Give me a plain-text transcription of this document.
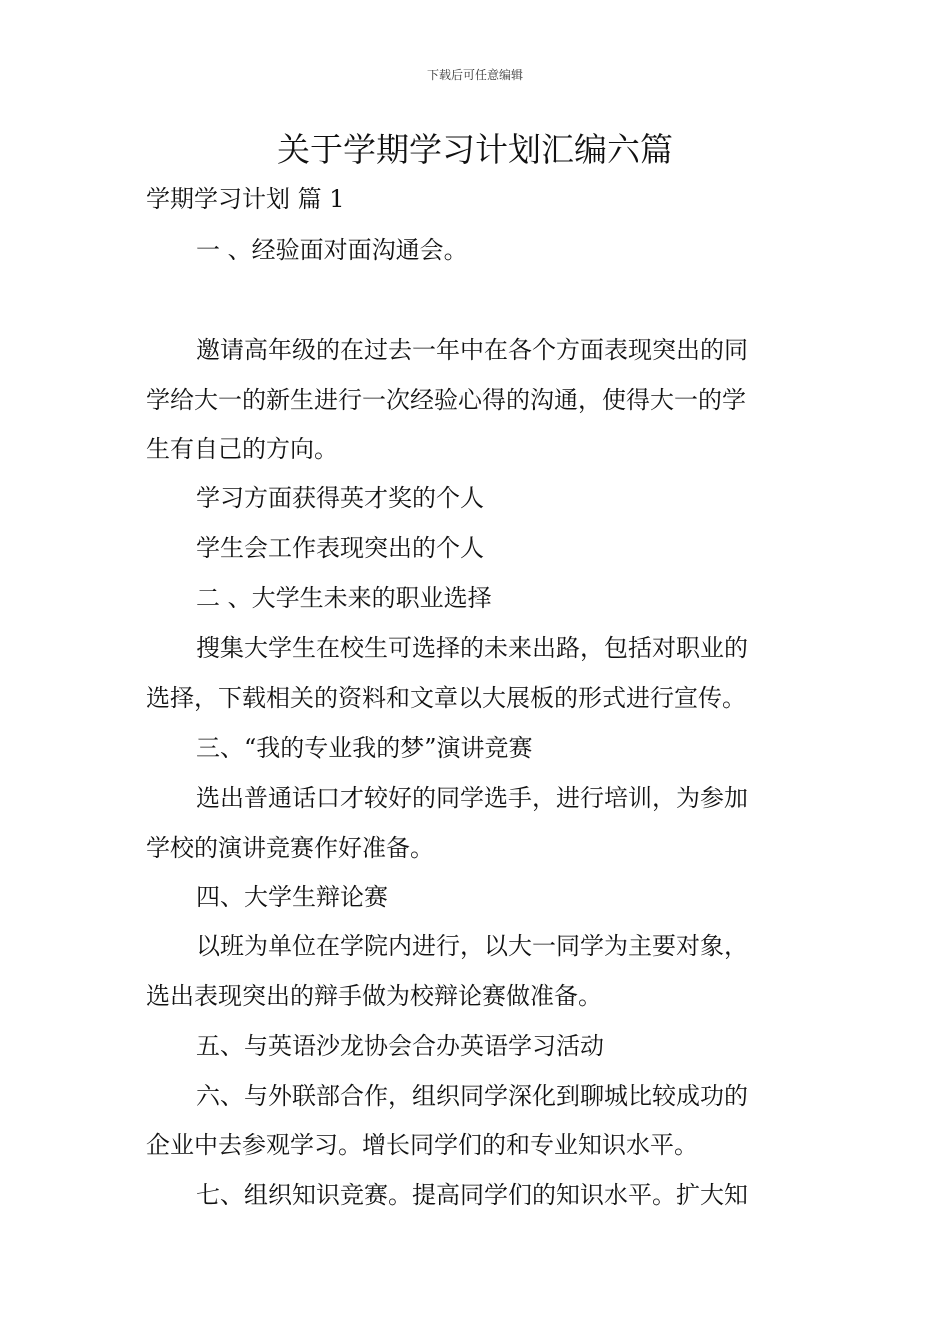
下载后可任意编辑
关于学期学习计划汇编六篇
学期学习计划 篇 1
一 、经验面对面沟通会。
邀请高年级的在过去一年中在各个方面表现突出的同
学给大一的新生进行一次经验心得的沟通，使得大一的学
生有自己的方向。
学习方面获得英才奖的个人
学生会工作表现突出的个人
二 、大学生未来的职业选择
搜集大学生在校生可选择的未来出路，包括对职业的
选择，下载相关的资料和文章以大展板的形式进行宣传。
三、“我的专业我的梦”演讲竞赛
选出普通话口才较好的同学选手，进行培训，为参加
学校的演讲竞赛作好准备。
四、大学生辩论赛
以班为单位在学院内进行，以大一同学为主要对象，
选出表现突出的辩手做为校辩论赛做准备。
五、与英语沙龙协会合办英语学习活动
六、与外联部合作，组织同学深化到聊城比较成功的
企业中去参观学习。增长同学们的和专业知识水平。
七、组织知识竞赛。提高同学们的知识水平。扩大知
